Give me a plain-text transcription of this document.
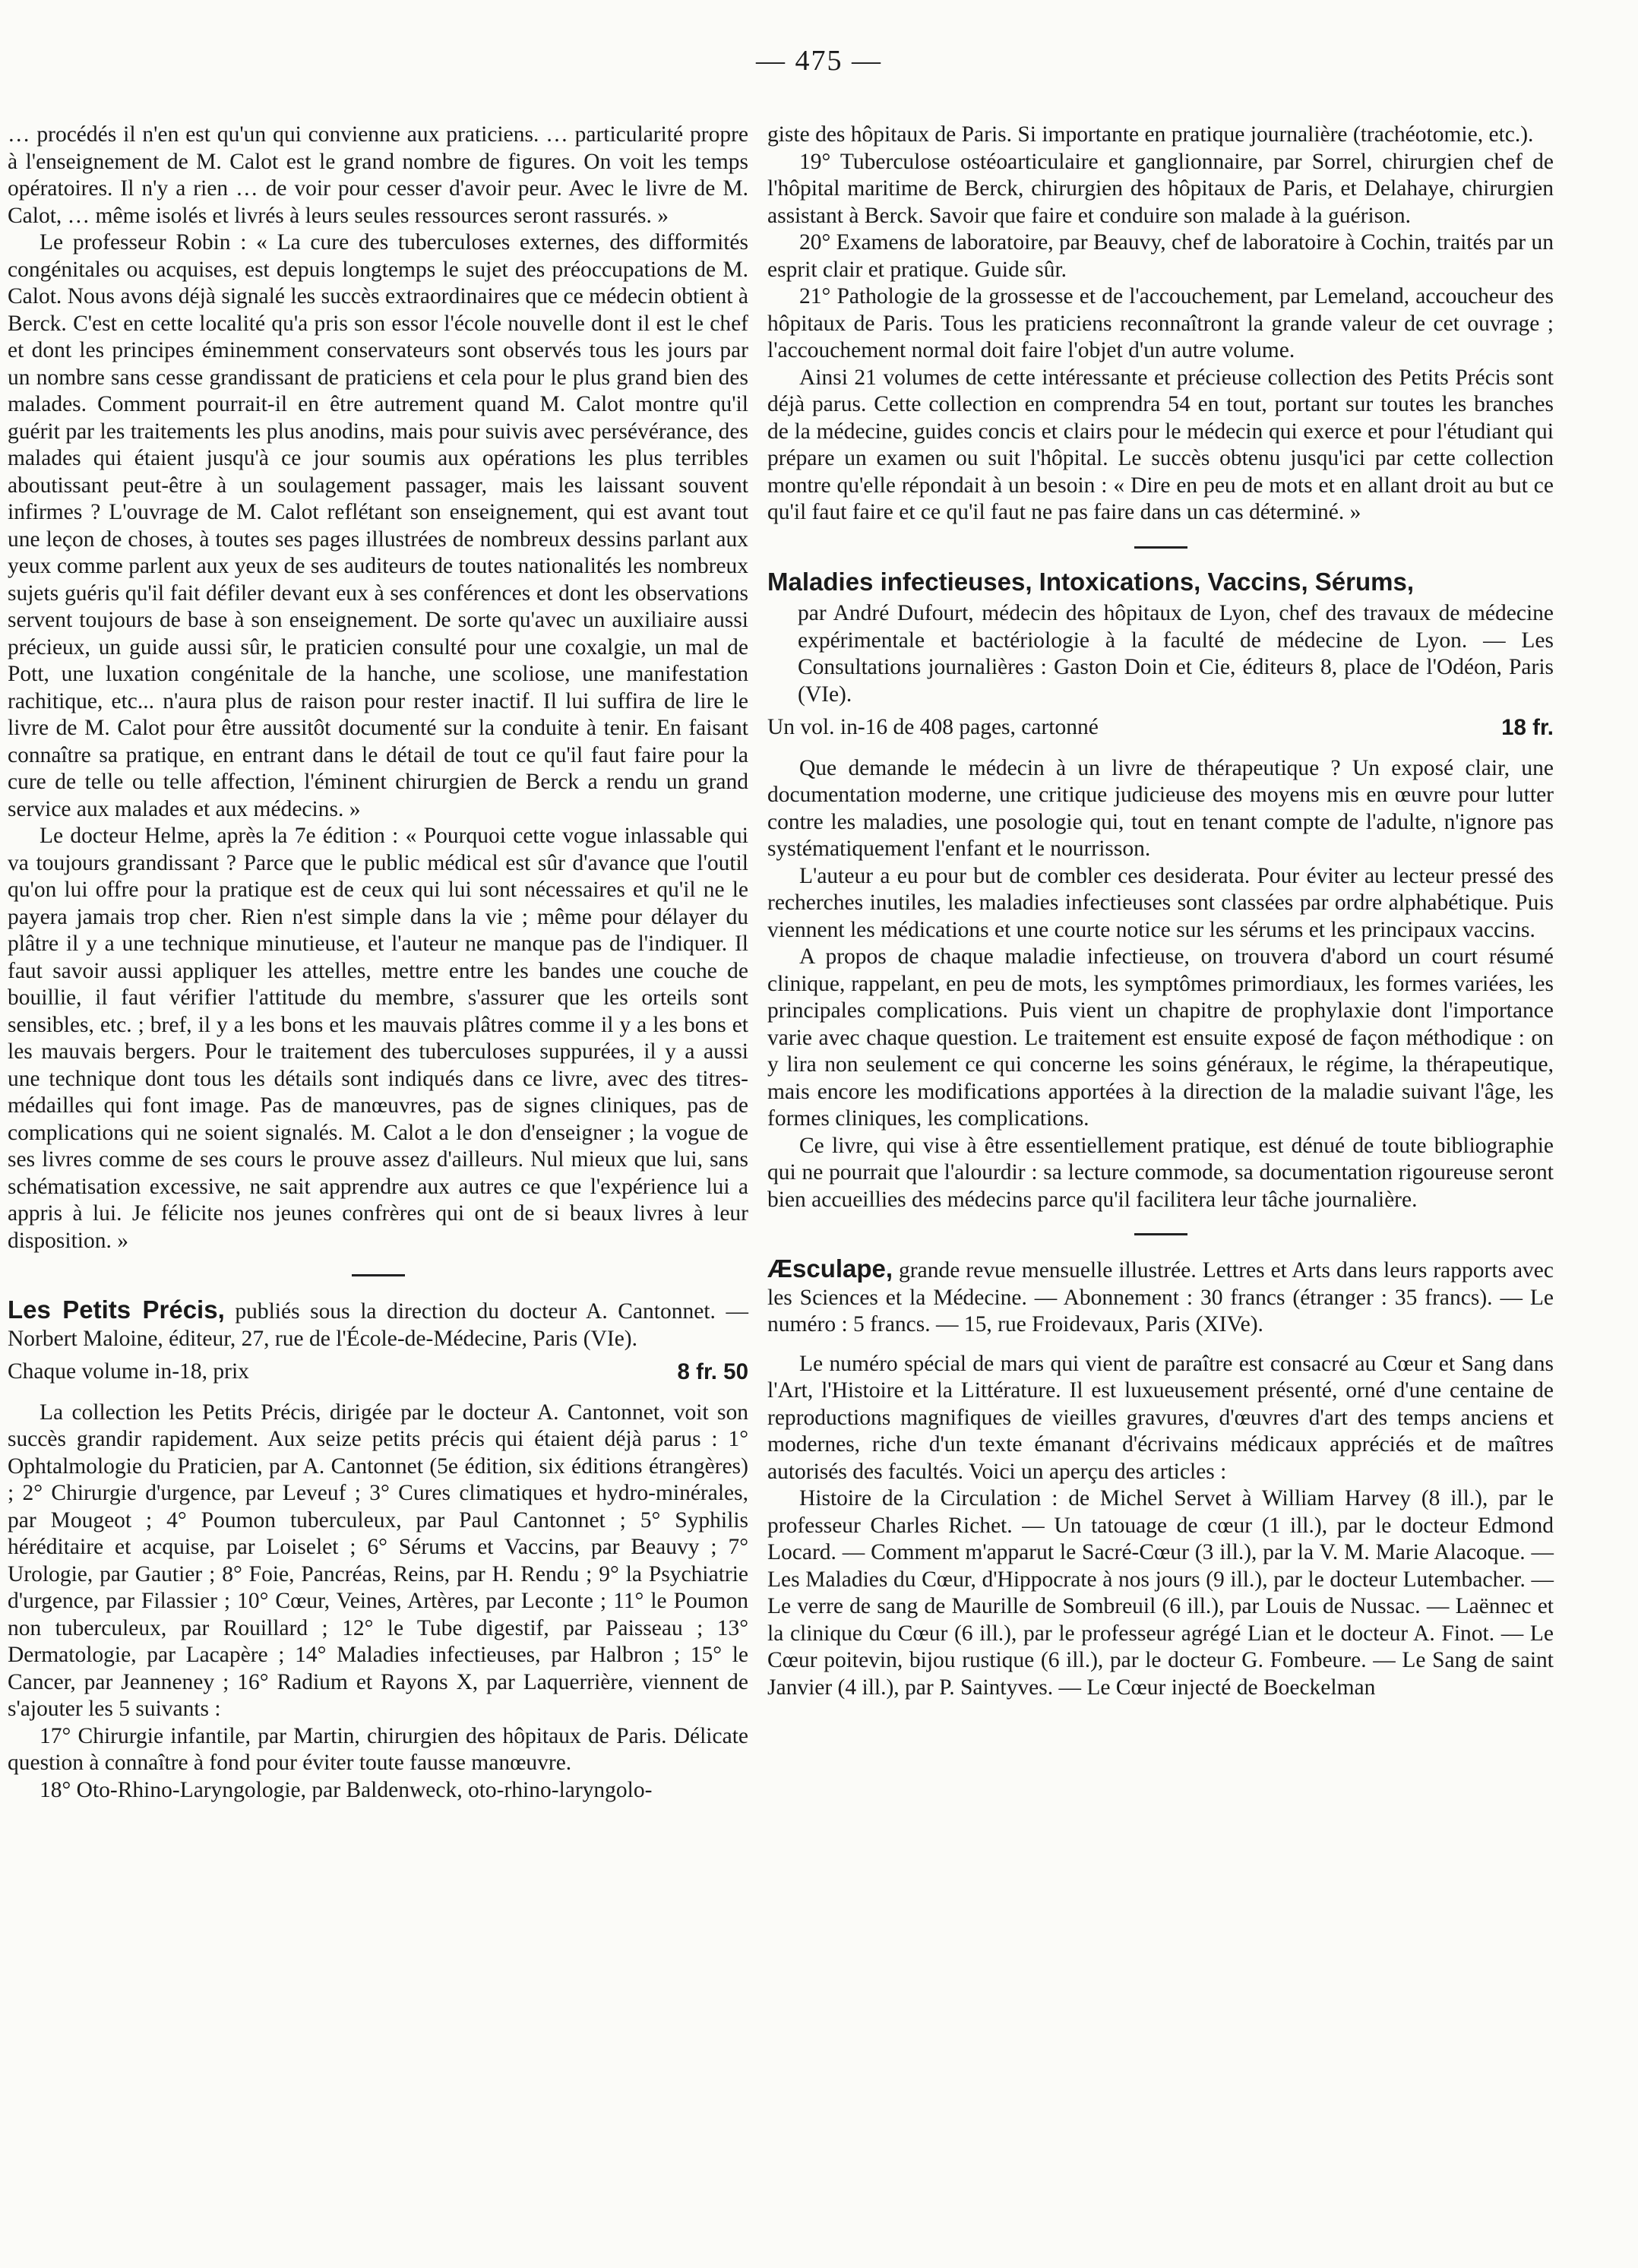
— 475 —

… procédés il n'en est qu'un qui convienne aux praticiens. … particularité propre à l'enseignement de M. Calot est le grand nombre de figures. On voit les temps opératoires. Il n'y a rien … de voir pour cesser d'avoir peur. Avec le livre de M. Calot, … même isolés et livrés à leurs seules ressources seront rassurés. »

Le professeur Robin : « La cure des tuberculoses externes, des difformités congénitales ou acquises, est depuis longtemps le sujet des préoccupations de M. Calot. Nous avons déjà signalé les succès extraordinaires que ce médecin obtient à Berck. C'est en cette localité qu'a pris son essor l'école nouvelle dont il est le chef et dont les principes éminemment conservateurs sont observés tous les jours par un nombre sans cesse grandissant de praticiens et cela pour le plus grand bien des malades. Comment pourrait-il en être autrement quand M. Calot montre qu'il guérit par les traitements les plus anodins, mais pour suivis avec persévérance, des malades qui étaient jusqu'à ce jour soumis aux opérations les plus terribles aboutissant peut-être à un soulagement passager, mais les laissant souvent infirmes ? L'ouvrage de M. Calot reflétant son enseignement, qui est avant tout une leçon de choses, à toutes ses pages illustrées de nombreux dessins parlant aux yeux comme parlent aux yeux de ses auditeurs de toutes nationalités les nombreux sujets guéris qu'il fait défiler devant eux à ses conférences et dont les observations servent toujours de base à son enseignement. De sorte qu'avec un auxiliaire aussi précieux, un guide aussi sûr, le praticien consulté pour une coxalgie, un mal de Pott, une luxation congénitale de la hanche, une scoliose, une manifestation rachitique, etc... n'aura plus de raison pour rester inactif. Il lui suffira de lire le livre de M. Calot pour être aussitôt documenté sur la conduite à tenir. En faisant connaître sa pratique, en entrant dans le détail de tout ce qu'il faut faire pour la cure de telle ou telle affection, l'éminent chirurgien de Berck a rendu un grand service aux malades et aux médecins. »

Le docteur Helme, après la 7e édition : « Pourquoi cette vogue inlassable qui va toujours grandissant ? Parce que le public médical est sûr d'avance que l'outil qu'on lui offre pour la pratique est de ceux qui lui sont nécessaires et qu'il ne le payera jamais trop cher. Rien n'est simple dans la vie ; même pour délayer du plâtre il y a une technique minutieuse, et l'auteur ne manque pas de l'indiquer. Il faut savoir aussi appliquer les attelles, mettre entre les bandes une couche de bouillie, il faut vérifier l'attitude du membre, s'assurer que les orteils sont sensibles, etc. ; bref, il y a les bons et les mauvais plâtres comme il y a les bons et les mauvais bergers. Pour le traitement des tuberculoses suppurées, il y a aussi une technique dont tous les détails sont indiqués dans ce livre, avec des titres-médailles qui font image. Pas de manœuvres, pas de signes cliniques, pas de complications qui ne soient signalés. M. Calot a le don d'enseigner ; la vogue de ses livres comme de ses cours le prouve assez d'ailleurs. Nul mieux que lui, sans schématisation excessive, ne sait apprendre aux autres ce que l'expérience lui a appris à lui. Je félicite nos jeunes confrères qui ont de si beaux livres à leur disposition. »

Les Petits Précis, publiés sous la direction du docteur A. Cantonnet. — Norbert Maloine, éditeur, 27, rue de l'École-de-Médecine, Paris (VIe).

Chaque volume in-18, prix	8 fr. 50

La collection les Petits Précis, dirigée par le docteur A. Cantonnet, voit son succès grandir rapidement. Aux seize petits précis qui étaient déjà parus : 1° Ophtalmologie du Praticien, par A. Cantonnet (5e édition, six éditions étrangères) ; 2° Chirurgie d'urgence, par Leveuf ; 3° Cures climatiques et hydro-minérales, par Mougeot ; 4° Poumon tuberculeux, par Paul Cantonnet ; 5° Syphilis héréditaire et acquise, par Loiselet ; 6° Sérums et Vaccins, par Beauvy ; 7° Urologie, par Gautier ; 8° Foie, Pancréas, Reins, par H. Rendu ; 9° la Psychiatrie d'urgence, par Filassier ; 10° Cœur, Veines, Artères, par Leconte ; 11° le Poumon non tuberculeux, par Rouillard ; 12° le Tube digestif, par Paisseau ; 13° Dermatologie, par Lacapère ; 14° Maladies infectieuses, par Halbron ; 15° le Cancer, par Jeanneney ; 16° Radium et Rayons X, par Laquerrière, viennent de s'ajouter les 5 suivants :

17° Chirurgie infantile, par Martin, chirurgien des hôpitaux de Paris. Délicate question à connaître à fond pour éviter toute fausse manœuvre.

18° Oto-Rhino-Laryngologie, par Baldenweck, oto-rhino-laryngolo-

giste des hôpitaux de Paris. Si importante en pratique journalière (trachéotomie, etc.).

19° Tuberculose ostéoarticulaire et ganglionnaire, par Sorrel, chirurgien chef de l'hôpital maritime de Berck, chirurgien des hôpitaux de Paris, et Delahaye, chirurgien assistant à Berck. Savoir que faire et conduire son malade à la guérison.

20° Examens de laboratoire, par Beauvy, chef de laboratoire à Cochin, traités par un esprit clair et pratique. Guide sûr.

21° Pathologie de la grossesse et de l'accouchement, par Lemeland, accoucheur des hôpitaux de Paris. Tous les praticiens reconnaîtront la grande valeur de cet ouvrage ; l'accouchement normal doit faire l'objet d'un autre volume.

Ainsi 21 volumes de cette intéressante et précieuse collection des Petits Précis sont déjà parus. Cette collection en comprendra 54 en tout, portant sur toutes les branches de la médecine, guides concis et clairs pour le médecin qui exerce et pour l'étudiant qui prépare un examen ou suit l'hôpital. Le succès obtenu jusqu'ici par cette collection montre qu'elle répondait à un besoin : « Dire en peu de mots et en allant droit au but ce qu'il faut faire et ce qu'il faut ne pas faire dans un cas déterminé. »

Maladies infectieuses, Intoxications, Vaccins, Sérums,

par André Dufourt, médecin des hôpitaux de Lyon, chef des travaux de médecine expérimentale et bactériologie à la faculté de médecine de Lyon. — Les Consultations journalières : Gaston Doin et Cie, éditeurs 8, place de l'Odéon, Paris (VIe).

Un vol. in-16 de 408 pages, cartonné	18 fr.

Que demande le médecin à un livre de thérapeutique ? Un exposé clair, une documentation moderne, une critique judicieuse des moyens mis en œuvre pour lutter contre les maladies, une posologie qui, tout en tenant compte de l'adulte, n'ignore pas systématiquement l'enfant et le nourrisson.

L'auteur a eu pour but de combler ces desiderata. Pour éviter au lecteur pressé des recherches inutiles, les maladies infectieuses sont classées par ordre alphabétique. Puis viennent les médications et une courte notice sur les sérums et les principaux vaccins.

A propos de chaque maladie infectieuse, on trouvera d'abord un court résumé clinique, rappelant, en peu de mots, les symptômes primordiaux, les formes variées, les principales complications. Puis vient un chapitre de prophylaxie dont l'importance varie avec chaque question. Le traitement est ensuite exposé de façon méthodique : on y lira non seulement ce qui concerne les soins généraux, le régime, la thérapeutique, mais encore les modifications apportées à la direction de la maladie suivant l'âge, les formes cliniques, les complications.

Ce livre, qui vise à être essentiellement pratique, est dénué de toute bibliographie qui ne pourrait que l'alourdir : sa lecture commode, sa documentation rigoureuse seront bien accueillies des médecins parce qu'il facilitera leur tâche journalière.

Æsculape, grande revue mensuelle illustrée. Lettres et Arts dans leurs rapports avec les Sciences et la Médecine. — Abonnement : 30 francs (étranger : 35 francs). — Le numéro : 5 francs. — 15, rue Froidevaux, Paris (XIVe).

Le numéro spécial de mars qui vient de paraître est consacré au Cœur et Sang dans l'Art, l'Histoire et la Littérature. Il est luxueusement présenté, orné d'une centaine de reproductions magnifiques de vieilles gravures, d'œuvres d'art des temps anciens et modernes, riche d'un texte émanant d'écrivains médicaux appréciés et de maîtres autorisés des facultés. Voici un aperçu des articles :

Histoire de la Circulation : de Michel Servet à William Harvey (8 ill.), par le professeur Charles Richet. — Un tatouage de cœur (1 ill.), par le docteur Edmond Locard. — Comment m'apparut le Sacré-Cœur (3 ill.), par la V. M. Marie Alacoque. — Les Maladies du Cœur, d'Hippocrate à nos jours (9 ill.), par le docteur Lutembacher. — Le verre de sang de Maurille de Sombreuil (6 ill.), par Louis de Nussac. — Laënnec et la clinique du Cœur (6 ill.), par le professeur agrégé Lian et le docteur A. Finot. — Le Cœur poitevin, bijou rustique (6 ill.), par le docteur G. Fombeure. — Le Sang de saint Janvier (4 ill.), par P. Saintyves. — Le Cœur injecté de Boeckelman
